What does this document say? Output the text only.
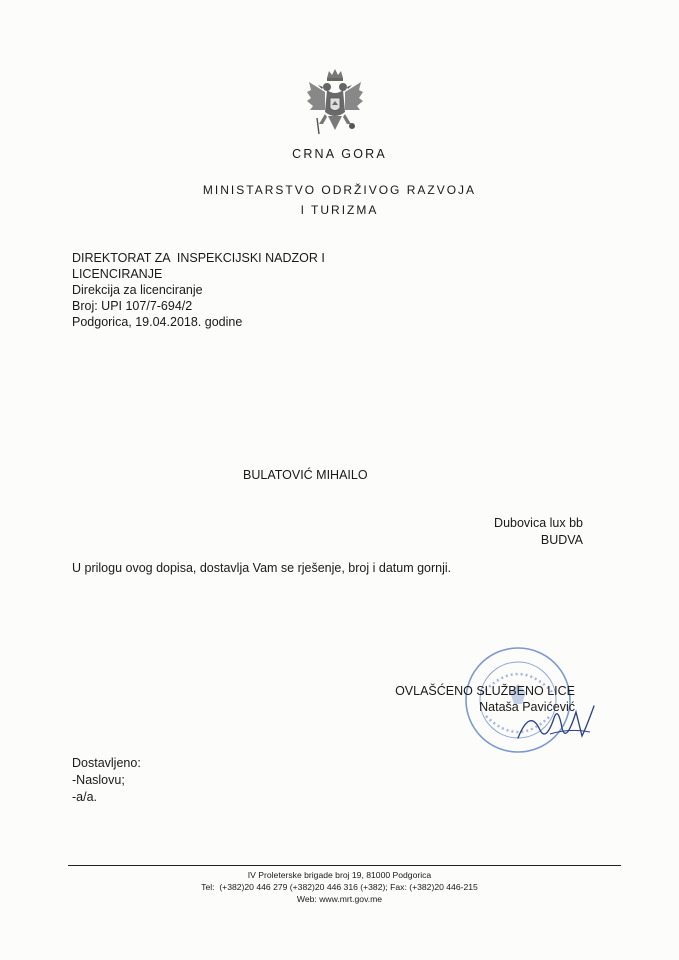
CRNA GORA
MINISTARSTVO ODRŽIVOG RAZVOJA
I TURIZMA
DIREKTORAT ZA  INSPEKCIJSKI NADZOR I
LICENCIRANJE
Direkcija za licenciranje
Broj: UPI 107/7-694/2
Podgorica, 19.04.2018. godine
BULATOVIĆ MIHAILO
Dubovica lux bb
BUDVA
U prilogu ovog dopisa, dostavlja Vam se rješenje, broj i datum gornji.
OVLAŠĆENO SLUŽBENO LICE
Nataša Pavićević
Dostavljeno:
-Naslovu;
-a/a.
IV Proleterske brigade broj 19, 81000 Podgorica
Tel:  (+382)20 446 279 (+382)20 446 316 (+382); Fax: (+382)20 446-215
Web: www.mrt.gov.me
